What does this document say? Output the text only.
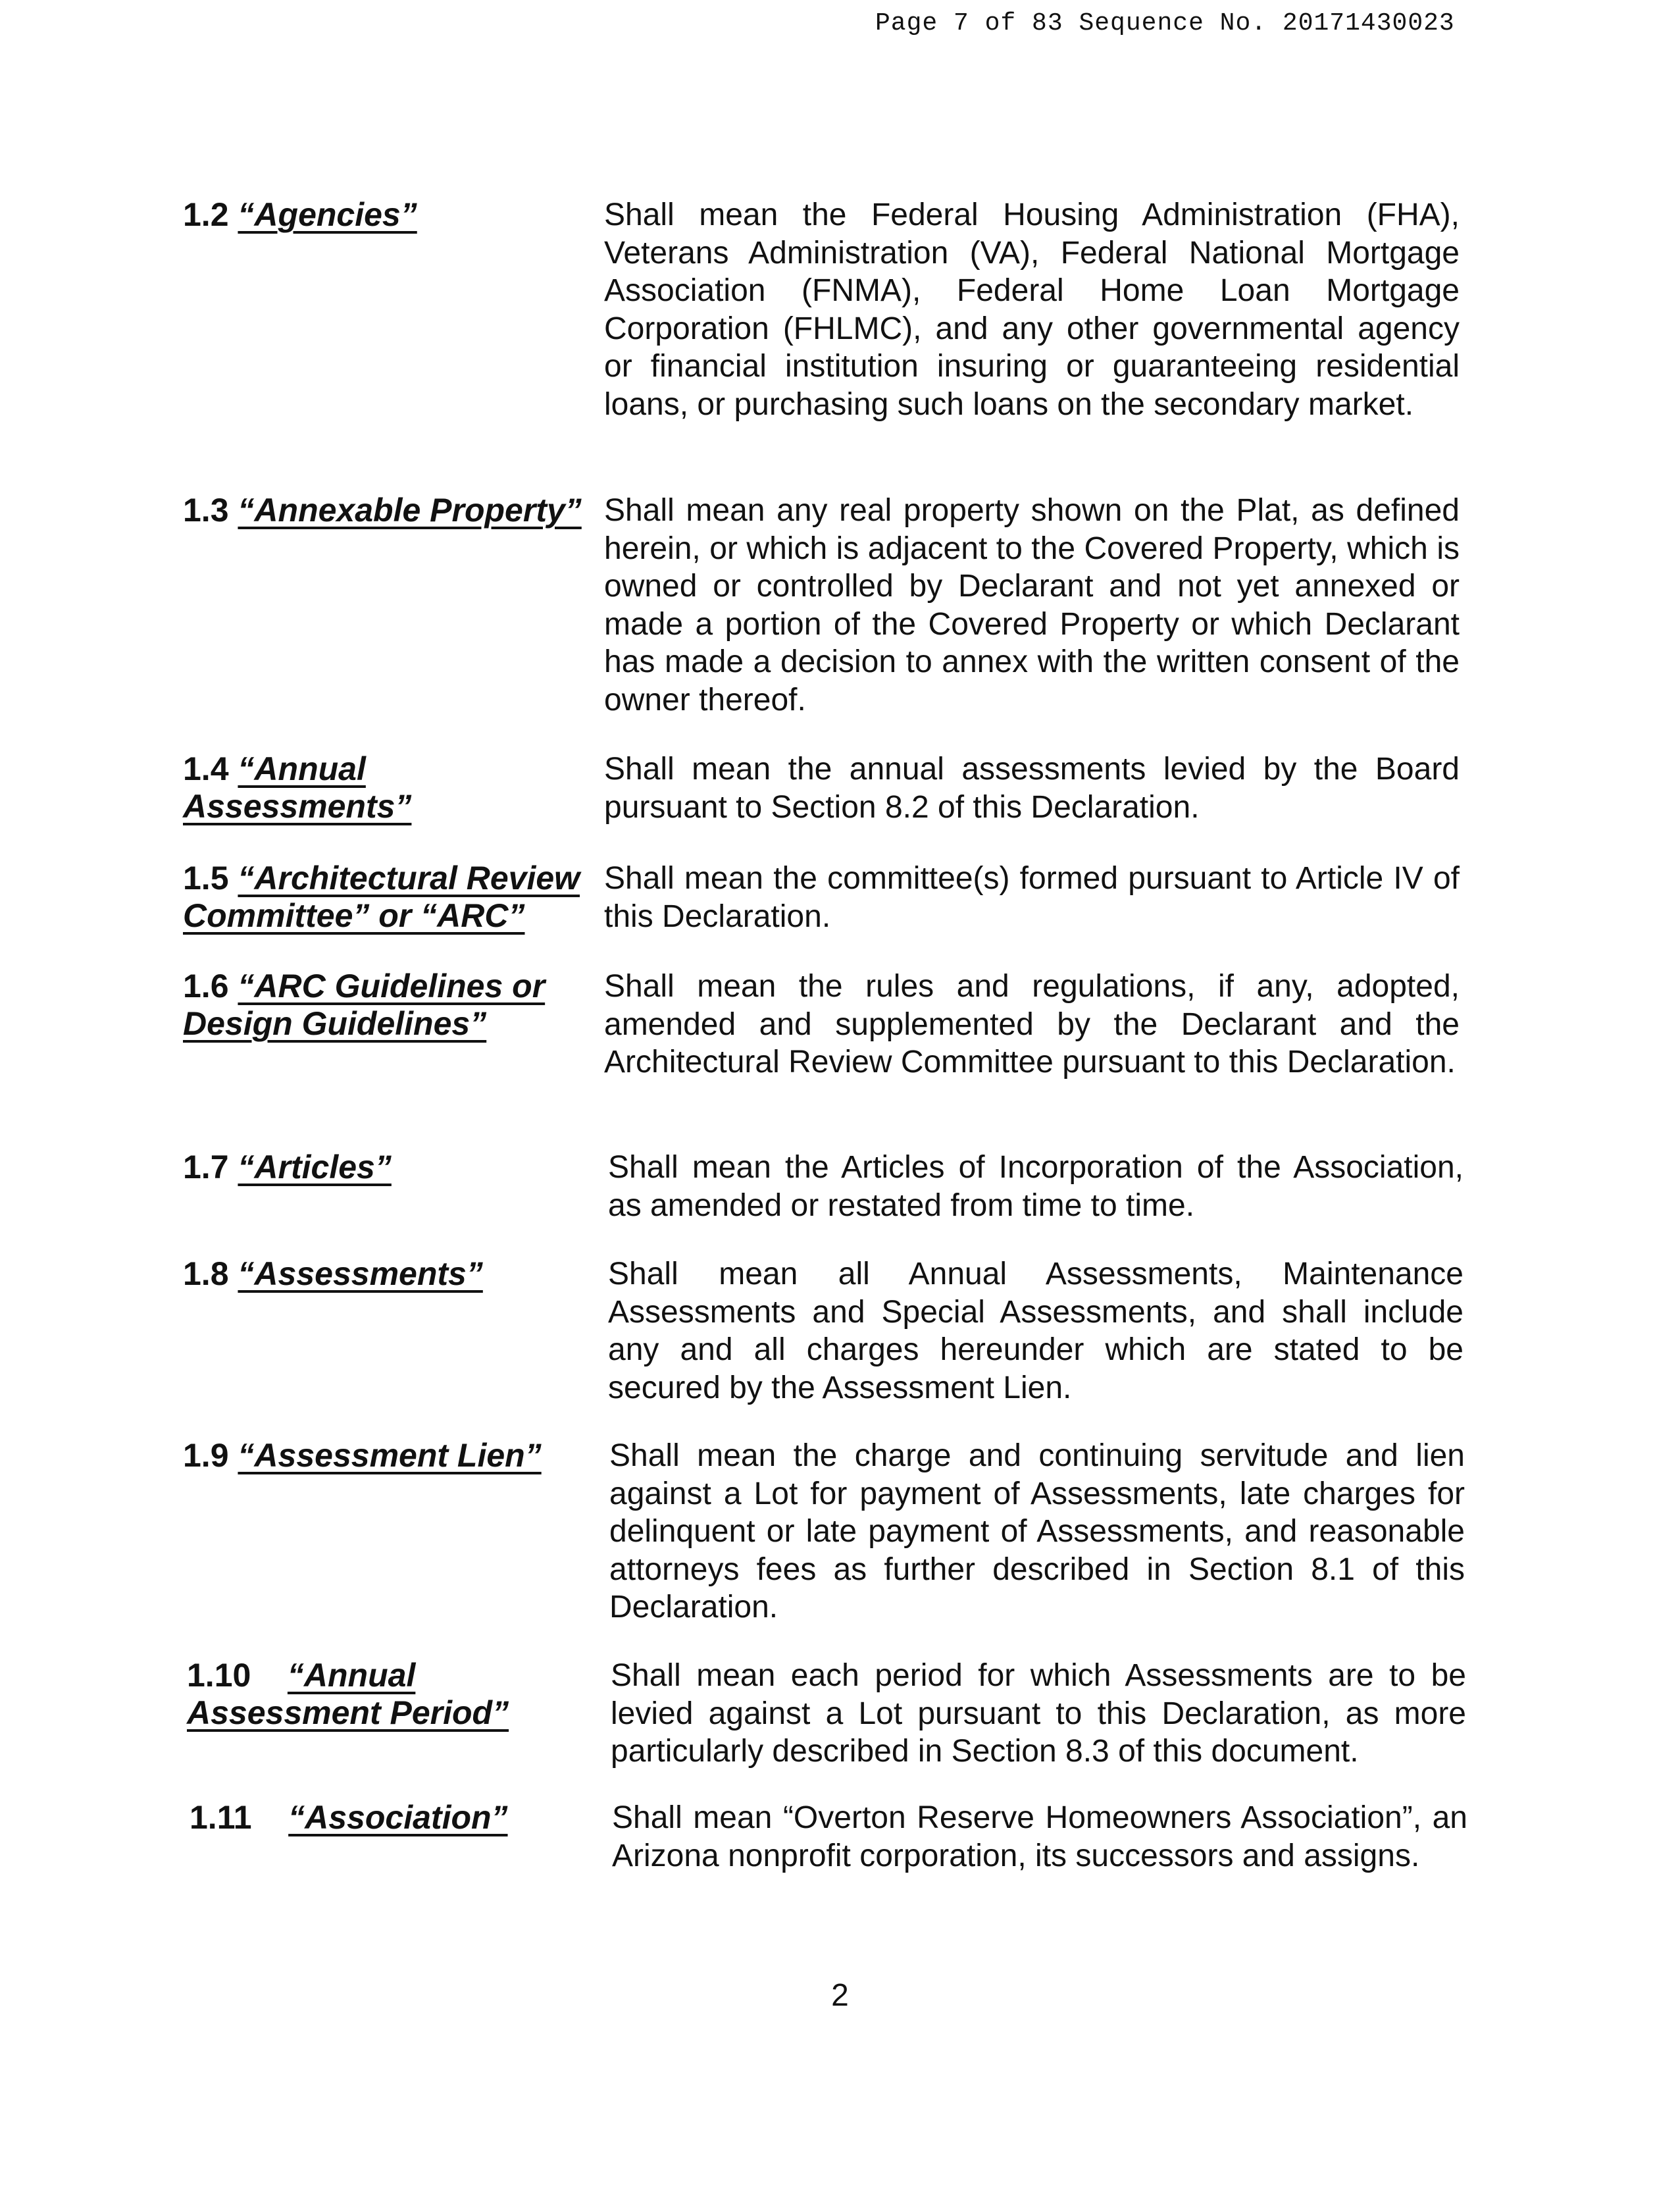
Page 7 of 83 Sequence No. 20171430023
1.2 “Agencies”	Shall mean the Federal Housing Administration (FHA), Veterans Administration (VA), Federal National Mortgage Association (FNMA), Federal Home Loan Mortgage Corporation (FHLMC), and any other governmental agency or financial institution insuring or guaranteeing residential loans, or purchasing such loans on the secondary market.
1.3 “Annexable Property” Shall mean any real property shown on the Plat, as defined herein, or which is adjacent to the Covered Property, which is owned or controlled by Declarant and not yet annexed or made a portion of the Covered Property or which Declarant has made a decision to annex with the written consent of the owner thereof.
1.4 “Annual Assessments”
Shall mean the annual assessments levied by the Board pursuant to Section 8.2 of this Declaration.
1.5 “Architectural Review Committee” or “ARC”
Shall mean the committee(s) formed pursuant to Article IV of this Declaration.
1.6 “ARC Guidelines or Design Guidelines”
Shall mean the rules and regulations, if any, adopted, amended and supplemented by the Declarant and the Architectural Review Committee pursuant to this Declaration.
1.7 “Articles”	Shall mean the Articles of Incorporation of the Association, as amended or restated from time to time.
1.8 “Assessments”	Shall mean all Annual Assessments, Maintenance Assessments and Special Assessments, and shall include any and all charges hereunder which are stated to be secured by the Assessment Lien.
1.9 “Assessment Lien”	Shall mean the charge and continuing servitude and lien against a Lot for payment of Assessments, late charges for delinquent or late payment of Assessments, and reasonable attorneys fees as further described in Section 8.1 of this Declaration.
1.10 “Annual Assessment Period”
Shall mean each period for which Assessments are to be levied against a Lot pursuant to this Declaration, as more particularly described in Section 8.3 of this document.
1.11 “Association”	Shall mean “Overton Reserve Homeowners Association”, an Arizona nonprofit corporation, its successors and assigns.
2
